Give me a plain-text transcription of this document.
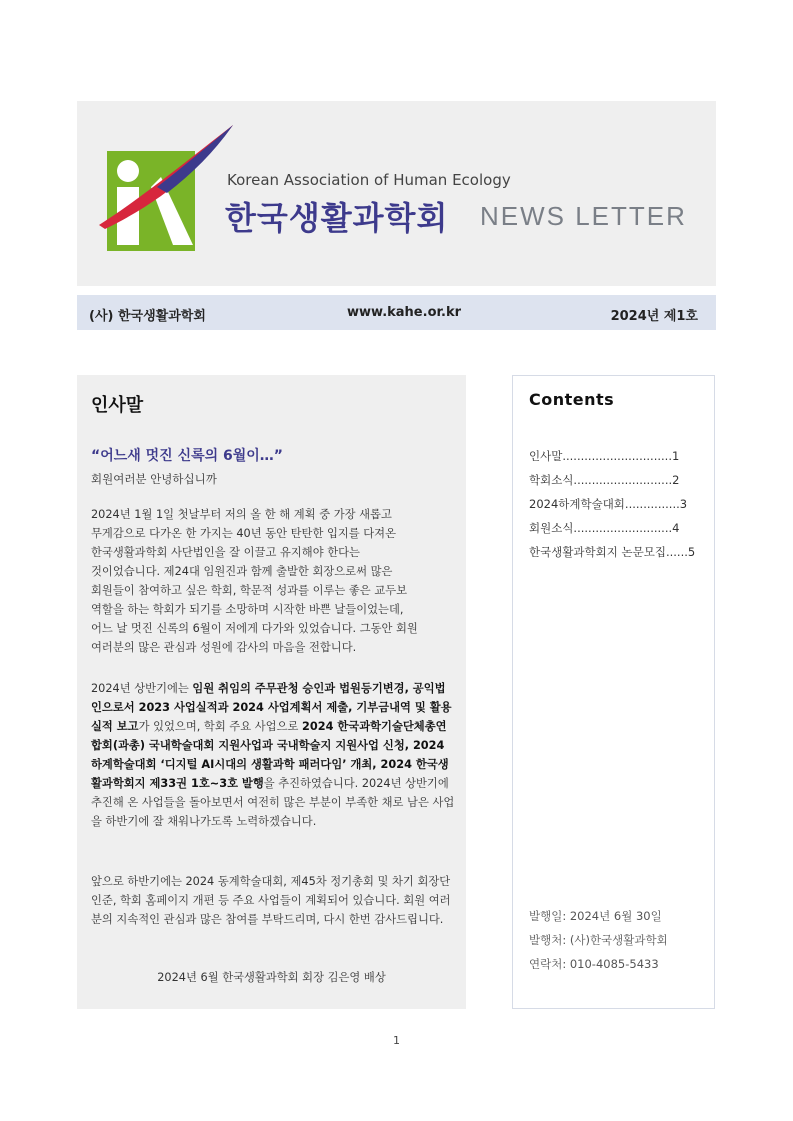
Korean Association of Human Ecology
한국생활과학회 NEWS LETTER
(사) 한국생활과학회	www.kahe.or.kr	2024년 제1호
인사말
“어느새 멋진 신록의 6월이…”
회원여러분 안녕하십니까
2024년 1월 1일 첫날부터 저의 올 한 해 계획 중 가장 새롭고
무게감으로 다가온 한 가지는 40년 동안 탄탄한 입지를 다져온
한국생활과학회 사단법인을 잘 이끌고 유지해야 한다는
것이었습니다. 제24대 임원진과 함께 출발한 회장으로써 많은
회원들이 참여하고 싶은 학회, 학문적 성과를 이루는 좋은 교두보
역할을 하는 학회가 되기를 소망하며 시작한 바쁜 날들이었는데,
어느 날 멋진 신록의 6월이 저에게 다가와 있었습니다. 그동안 회원
여러분의 많은 관심과 성원에 감사의 마음을 전합니다.
2024년 상반기에는 임원 취임의 주무관청 승인과 법원등기변경, 공익법인으로서 2023 사업실적과 2024 사업계획서 제출, 기부금내역 및 활용 실적 보고가 있었으며, 학회 주요 사업으로 2024 한국과학기술단체총연합회(과총) 국내학술대회 지원사업과 국내학술지 지원사업 신청, 2024 하계학술대회 ‘디지털 AI시대의 생활과학 패러다임’ 개최, 2024 한국생활과학회지 제33권 1호~3호 발행을 추진하였습니다. 2024년 상반기에 추진해 온 사업들을 돌아보면서 여전히 많은 부분이 부족한 채로 남은 사업을 하반기에 잘 채워나가도록 노력하겠습니다.
앞으로 하반기에는 2024 동계학술대회, 제45차 정기총회 및 차기 회장단 인준, 학회 홈페이지 개편 등 주요 사업들이 계획되어 있습니다. 회원 여러분의 지속적인 관심과 많은 참여를 부탁드리며, 다시 한번 감사드립니다.
2024년 6월 한국생활과학회 회장 김은영 배상
Contents
인사말..............................1
학회소식...........................2
2024하계학술대회...............3
회원소식...........................4
한국생활과학회지 논문모집......5
발행일: 2024년 6월 30일
발행처: (사)한국생활과학회
연락처: 010-4085-5433
1
